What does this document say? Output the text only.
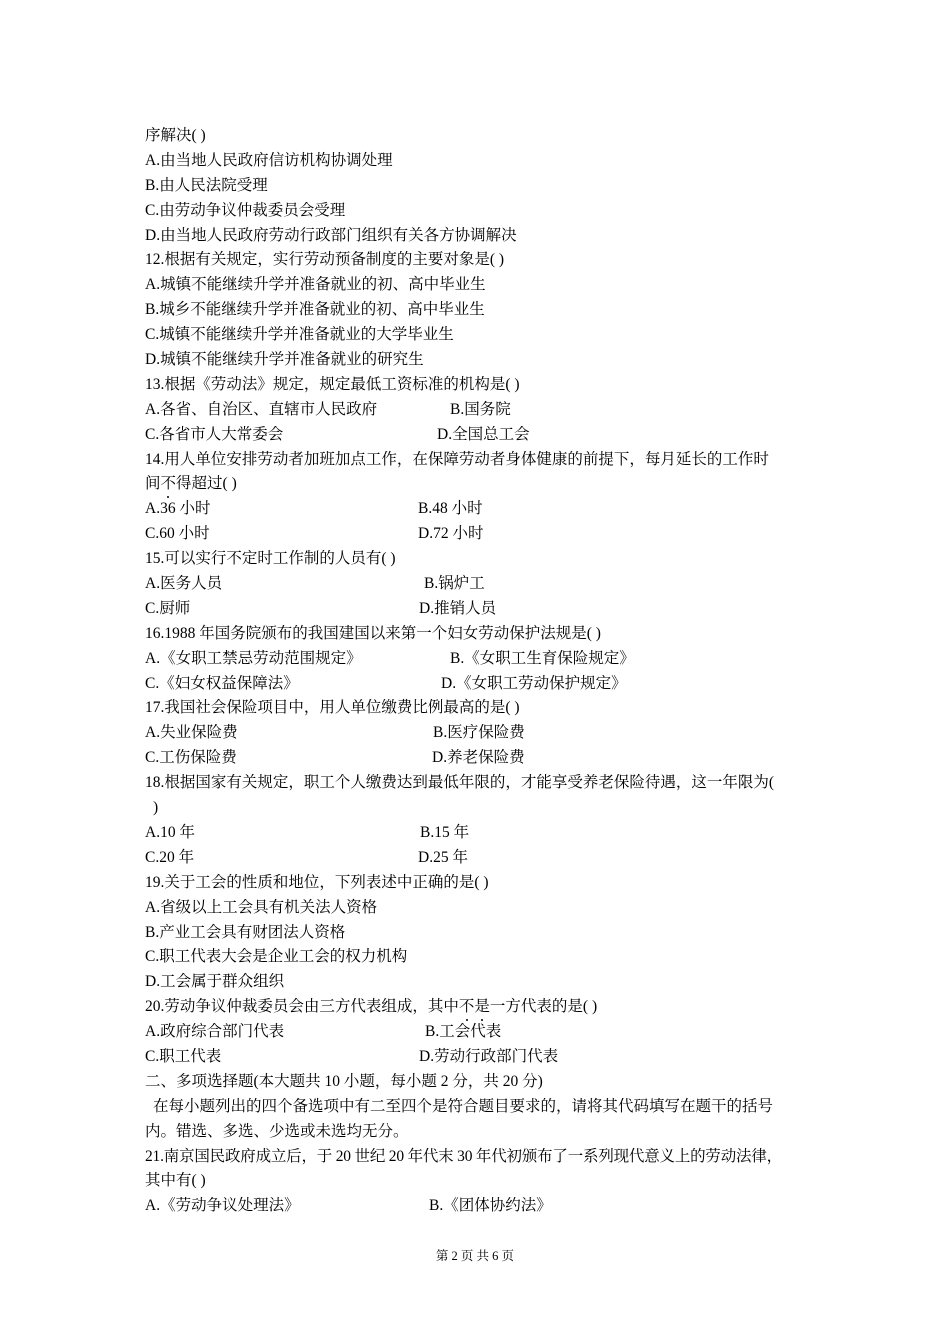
序解决( )
A.由当地人民政府信访机构协调处理
B.由人民法院受理
C.由劳动争议仲裁委员会受理
D.由当地人民政府劳动行政部门组织有关各方协调解决
12.根据有关规定，实行劳动预备制度的主要对象是( )
A.城镇不能继续升学并准备就业的初、高中毕业生
B.城乡不能继续升学并准备就业的初、高中毕业生
C.城镇不能继续升学并准备就业的大学毕业生
D.城镇不能继续升学并准备就业的研究生
13.根据《劳动法》规定，规定最低工资标准的机构是( )
A.各省、自治区、直辖市人民政府	B.国务院
C.各省市人大常委会	D.全国总工会
14.用人单位安排劳动者加班加点工作，在保障劳动者身体健康的前提下，每月延长的工作时
间不得超过( )
A.36 小时	B.48 小时
C.60 小时	D.72 小时
15.可以实行不定时工作制的人员有( )
A.医务人员	B.锅炉工
C.厨师	D.推销人员
16.1988 年国务院颁布的我国建国以来第一个妇女劳动保护法规是( )
A.《女职工禁忌劳动范围规定》	B.《女职工生育保险规定》
C.《妇女权益保障法》	D.《女职工劳动保护规定》
17.我国社会保险项目中，用人单位缴费比例最高的是( )
A.失业保险费	B.医疗保险费
C.工伤保险费	D.养老保险费
18.根据国家有关规定，职工个人缴费达到最低年限的，才能享受养老保险待遇，这一年限为(
)
A.10 年	B.15 年
C.20 年	D.25 年
19.关于工会的性质和地位，下列表述中正确的是( )
A.省级以上工会具有机关法人资格
B.产业工会具有财团法人资格
C.职工代表大会是企业工会的权力机构
D.工会属于群众组织
20.劳动争议仲裁委员会由三方代表组成，其中不是一方代表的是( )
A.政府综合部门代表	B.工会代表
C.职工代表	D.劳动行政部门代表
二、多项选择题(本大题共 10 小题，每小题 2 分，共 20 分)
在每小题列出的四个备选项中有二至四个是符合题目要求的，请将其代码填写在题干的括号
内。错选、多选、少选或未选均无分。
21.南京国民政府成立后，于 20 世纪 20 年代末 30 年代初颁布了一系列现代意义上的劳动法律，
其中有( )
A.《劳动争议处理法》	B.《团体协约法》
第 2 页 共 6 页
